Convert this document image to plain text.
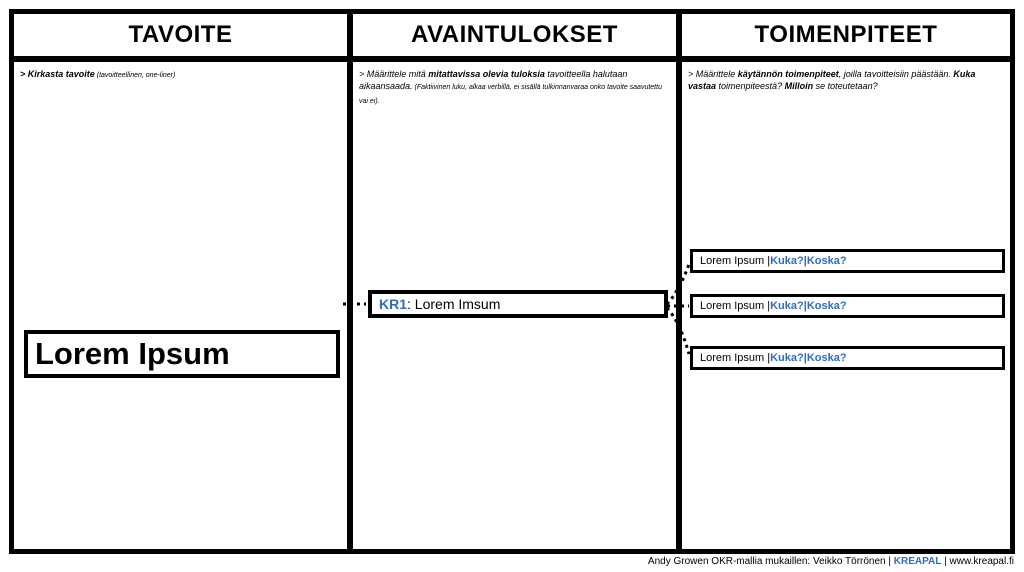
TAVOITE	AVAINTULOKSET	TOIMENPITEET
> Kirkasta tavoite (tavoitteellinen, one-liner)
Lorem Ipsum
> Määrittele mitä mitattavissa olevia tuloksia tavoitteella halutaan aikaansaada. (Faktiivinen luku, alkaa verbillä, ei sisällä tulkinnanvaraa onko tavoite saavutettu vai ei).
KR1 : Lorem Imsum
> Määrittele käytännön toimenpiteet, joilla tavoitteisiin päästään. Kuka vastaa toimenpiteestä? Milloin se toteutetaan?
Lorem Ipsum | Kuka? | Koska?
Lorem Ipsum | Kuka? | Koska?
Lorem Ipsum | Kuka? | Koska?
Andy Growen OKR-mallia mukaillen: Veikko Törrönen | KREAPAL | www.kreapal.fi
